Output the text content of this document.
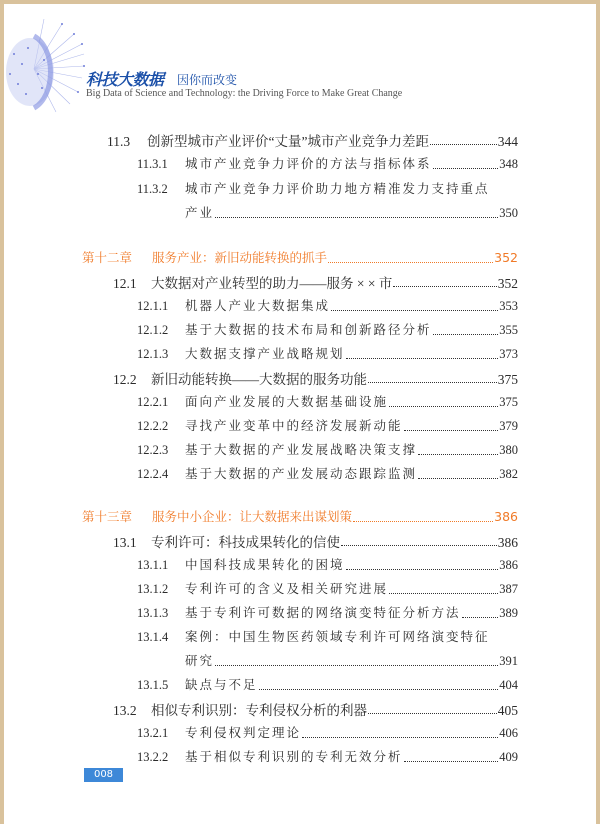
科技大数据 因你而改变
Big Data of Science and Technology: the Driving Force to Make Great Change
11.3	创新型城市产业评价“丈量”城市产业竞争力差距	344
11.3.1	城市产业竞争力评价的方法与指标体系	348
11.3.2	城市产业竞争力评价助力地方精准发力支持重点
产业	350
第十二章	服务产业：新旧动能转换的抓手	352
12.1	大数据对产业转型的助力——服务 × × 市	352
12.1.1	机器人产业大数据集成	353
12.1.2	基于大数据的技术布局和创新路径分析	355
12.1.3	大数据支撑产业战略规划	373
12.2	新旧动能转换——大数据的服务功能	375
12.2.1	面向产业发展的大数据基础设施	375
12.2.2	寻找产业变革中的经济发展新动能	379
12.2.3	基于大数据的产业发展战略决策支撑	380
12.2.4	基于大数据的产业发展动态跟踪监测	382
第十三章	服务中小企业：让大数据来出谋划策	386
13.1	专利许可：科技成果转化的信使	386
13.1.1	中国科技成果转化的困境	386
13.1.2	专利许可的含义及相关研究进展	387
13.1.3	基于专利许可数据的网络演变特征分析方法	389
13.1.4	案例：中国生物医药领域专利许可网络演变特征
研究	391
13.1.5	缺点与不足	404
13.2	相似专利识别：专利侵权分析的利器	405
13.2.1	专利侵权判定理论	406
13.2.2	基于相似专利识别的专利无效分析	409
008
